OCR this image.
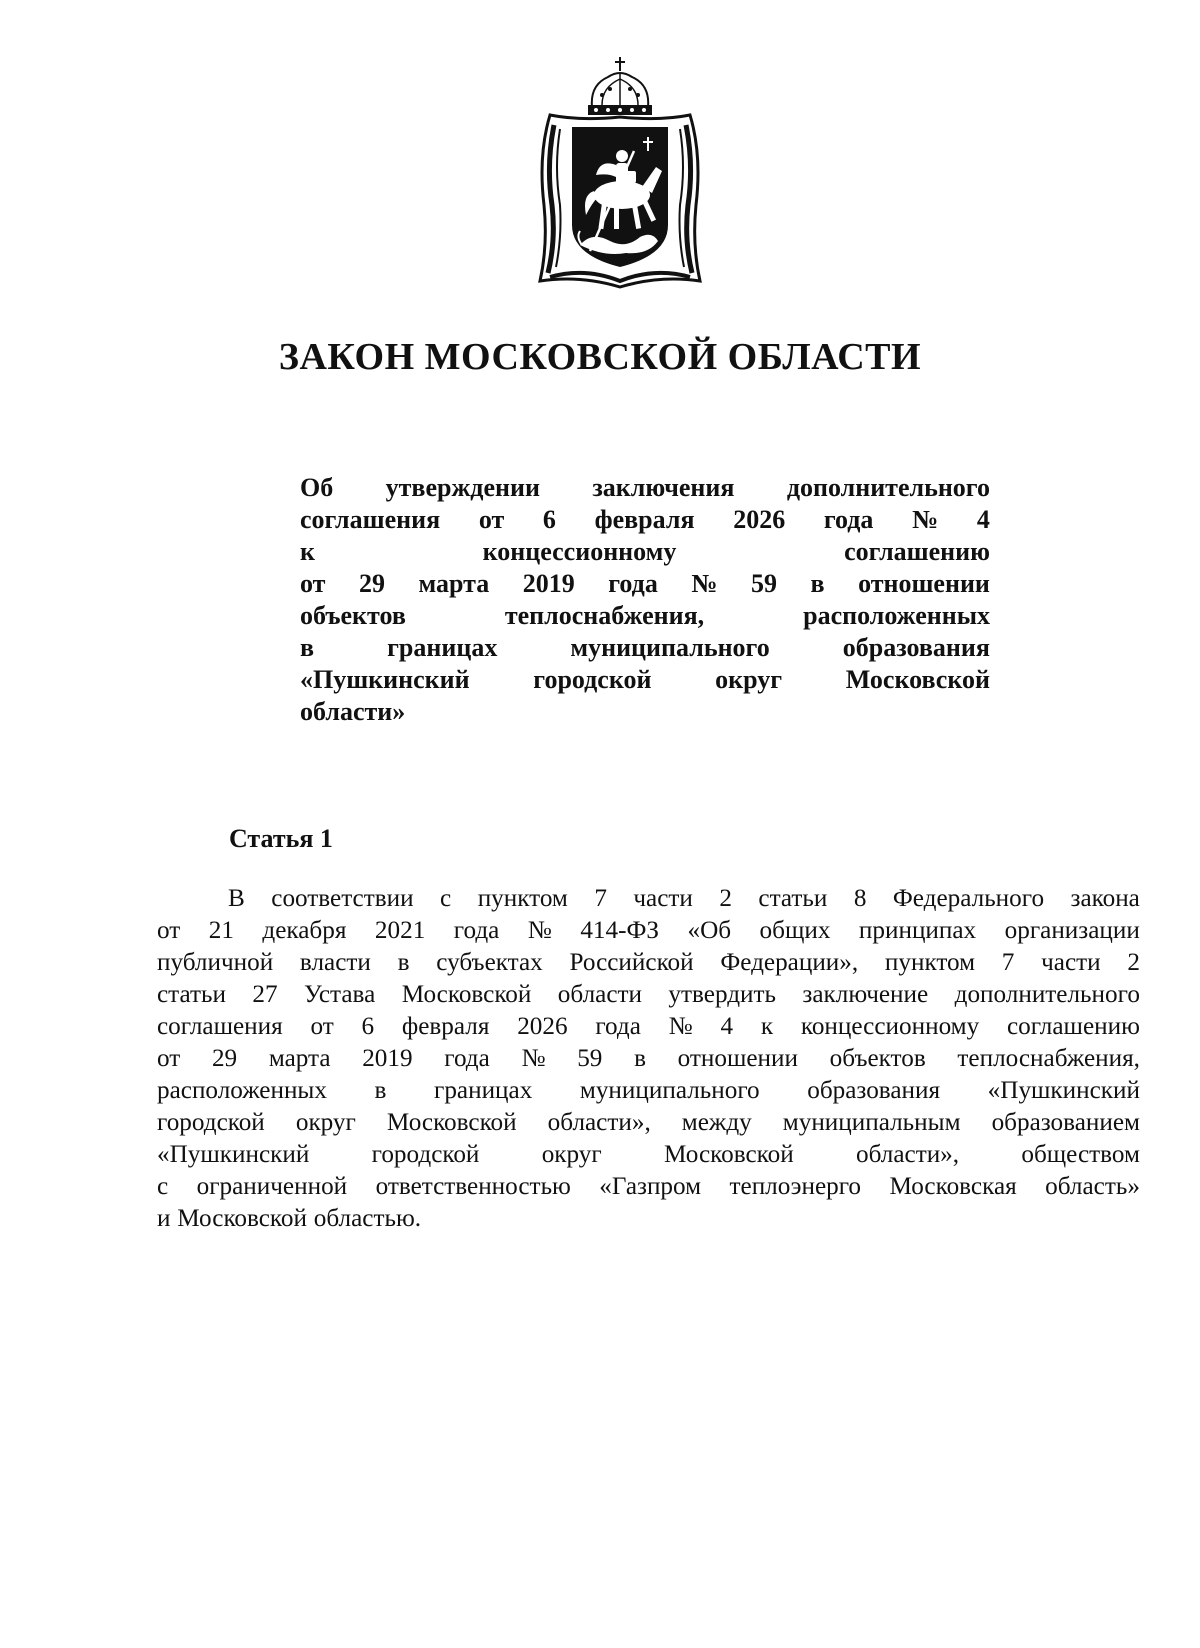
ЗАКОН МОСКОВСКОЙ ОБЛАСТИ
Об утверждении заключения дополнительного
соглашения от 6 февраля 2026 года № 4
к	концессионному	соглашению
от 29 марта 2019 года № 59 в отношении
объектов	теплоснабжения,	расположенных
в	границах	муниципального	образования
«Пушкинский городской округ Московской
области»
Статья 1
В соответствии с пунктом 7 части 2 статьи 8 Федерального закона
от 21 декабря 2021 года № 414-ФЗ «Об общих принципах организации
публичной власти в субъектах Российской Федерации», пунктом 7 части 2
статьи 27 Устава Московской области утвердить заключение дополнительного
соглашения от 6 февраля 2026 года № 4 к концессионному соглашению
от 29 марта 2019 года № 59 в отношении объектов теплоснабжения,
расположенных в границах муниципального образования «Пушкинский
городской округ Московской области», между муниципальным образованием
«Пушкинский городской округ Московской области», обществом
с ограниченной ответственностью «Газпром теплоэнерго Московская область»
и Московской областью.
